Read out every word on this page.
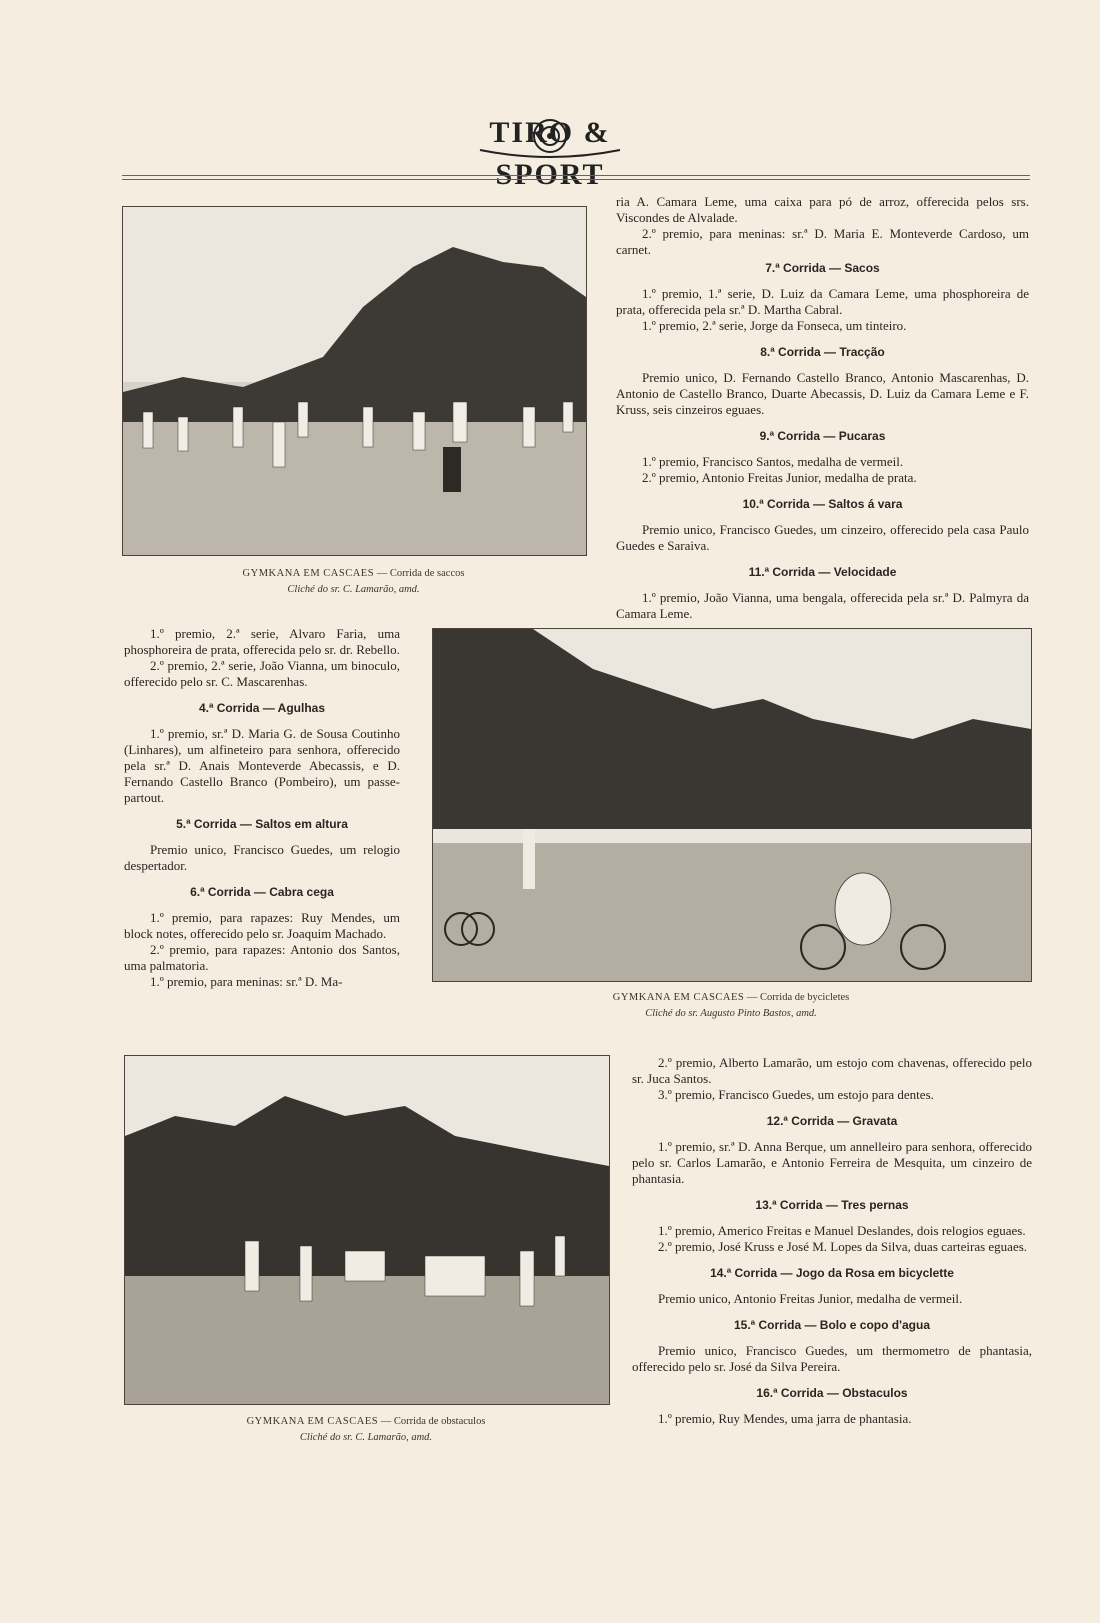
TIRO & SPORT
GYMKANA EM CASCAES — Corrida de saccos
Cliché do sr. C. Lamarão, amd.

ria A. Camara Leme, uma caixa para pó de arroz, offerecida pelos srs. Viscondes de Alvalade.

2.º premio, para meninas: sr.ª D. Maria E. Monteverde Cardoso, um carnet.

7.ª Corrida — Sacos

1.º premio, 1.ª serie, D. Luiz da Camara Leme, uma phosphoreira de prata, offerecida pela sr.ª D. Martha Cabral.

1.º premio, 2.ª serie, Jorge da Fonseca, um tinteiro.

8.ª Corrida — Tracção

Premio unico, D. Fernando Castello Branco, Antonio Mascarenhas, D. Antonio de Castello Branco, Duarte Abecassis, D. Luiz da Camara Leme e F. Kruss, seis cinzeiros eguaes.

9.ª Corrida — Pucaras

1.º premio, Francisco Santos, medalha de vermeil.

2.º premio, Antonio Freitas Junior, medalha de prata.

10.ª Corrida — Saltos á vara

Premio unico, Francisco Guedes, um cinzeiro, offerecido pela casa Paulo Guedes e Saraiva.

11.ª Corrida — Velocidade

1.º premio, João Vianna, uma bengala, offerecida pela sr.ª D. Palmyra da Camara Leme.

1.º premio, 2.ª serie, Alvaro Faria, uma phosphoreira de prata, offerecida pelo sr. dr. Rebello.

2.º premio, 2.ª serie, João Vianna, um binoculo, offerecido pelo sr. C. Mascarenhas.

4.ª Corrida — Agulhas

1.º premio, sr.ª D. Maria G. de Sousa Coutinho (Linhares), um alfineteiro para senhora, offerecido pela sr.ª D. Anais Monteverde Abecassis, e D. Fernando Castello Branco (Pombeiro), um passe-partout.

5.ª Corrida — Saltos em altura

Premio unico, Francisco Guedes, um relogio despertador.

6.ª Corrida — Cabra cega

1.º premio, para rapazes: Ruy Mendes, um block notes, offerecido pelo sr. Joaquim Machado.

2.º premio, para rapazes: Antonio dos Santos, uma palmatoria.

1.º premio, para meninas: sr.ª D. Ma-

GYMKANA EM CASCAES — Corrida de bycicletes
Cliché do sr. Augusto Pinto Bastos, amd.
GYMKANA EM CASCAES — Corrida de obstaculos
Cliché do sr. C. Lamarão, amd.

2.º premio, Alberto Lamarão, um estojo com chavenas, offerecido pelo sr. Juca Santos.

3.º premio, Francisco Guedes, um estojo para dentes.

12.ª Corrida — Gravata

1.º premio, sr.ª D. Anna Berque, um annelleiro para senhora, offerecido pelo sr. Carlos Lamarão, e Antonio Ferreira de Mesquita, um cinzeiro de phantasia.

13.ª Corrida — Tres pernas

1.º premio, Americo Freitas e Manuel Deslandes, dois relogios eguaes.

2.º premio, José Kruss e José M. Lopes da Silva, duas carteiras eguaes.

14.ª Corrida — Jogo da Rosa em bicyclette

Premio unico, Antonio Freitas Junior, medalha de vermeil.

15.ª Corrida — Bolo e copo d'agua

Premio unico, Francisco Guedes, um thermometro de phantasia, offerecido pelo sr. José da Silva Pereira.

16.ª Corrida — Obstaculos

1.º premio, Ruy Mendes, uma jarra de phantasia.
